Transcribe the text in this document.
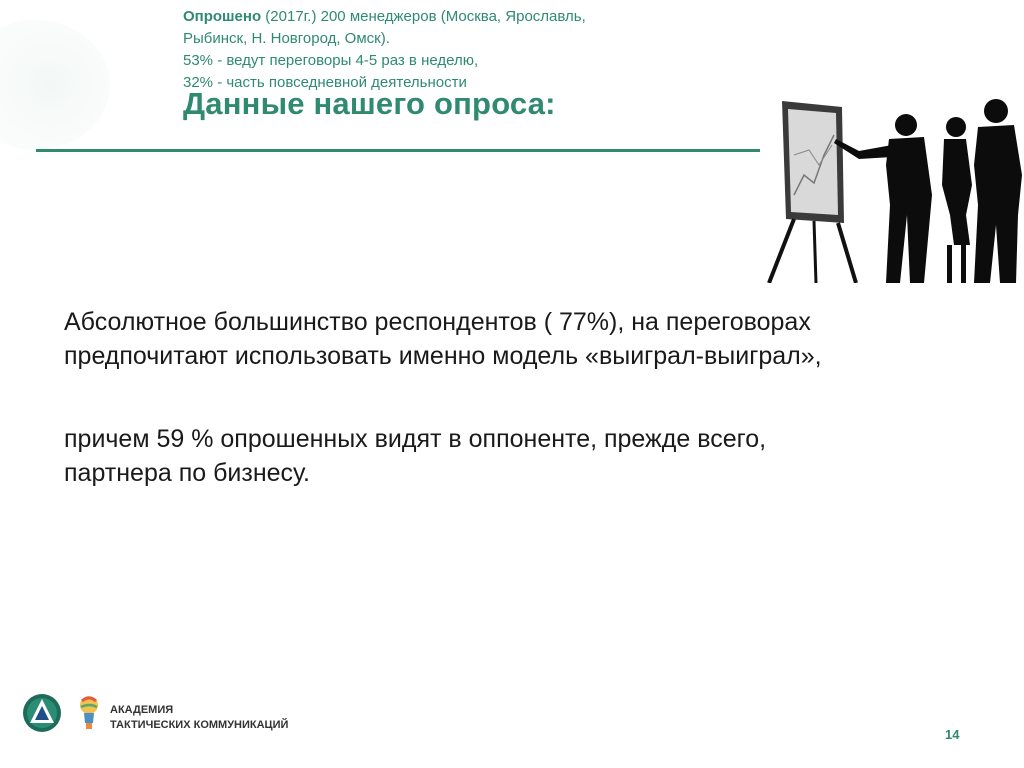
Опрошено (2017г.) 200 менеджеров (Москва, Ярославль,
Рыбинск, Н. Новгород, Омск).
53% - ведут переговоры 4-5 раз в неделю,
32% - часть повседневной деятельности
Данные нашего опроса:
Абсолютное большинство респондентов ( 77%), на переговорах
предпочитают использовать именно модель «выиграл-выиграл»,
причем 59 % опрошенных видят в оппоненте, прежде всего,
партнера по бизнесу.
АКАДЕМИЯ
ТАКТИЧЕСКИХ КОММУНИКАЦИЙ
14
